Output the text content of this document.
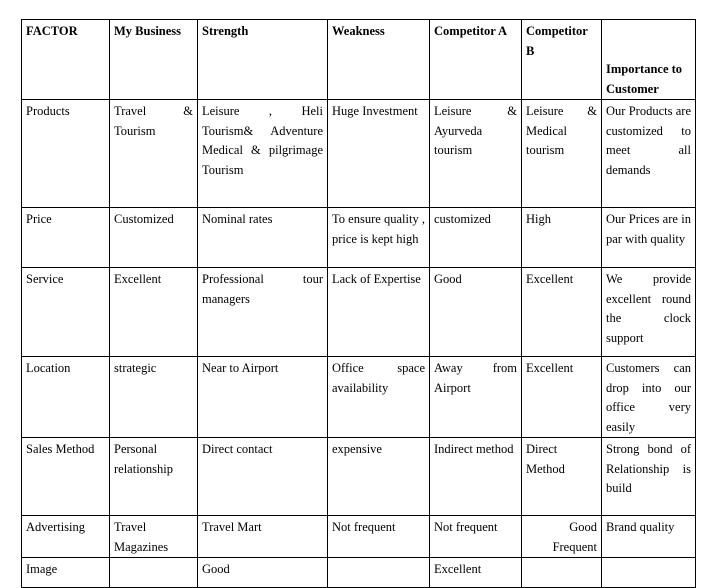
FACTOR	My Business	Strength	Weakness	Competitor A	Competitor B	Importance to Customer
Products	Travel & Tourism	Leisure , Heli Tourism& Adventure Medical & pilgrimage Tourism	Huge Investment	Leisure & Ayurveda tourism	Leisure & Medical tourism	Our Products are customized to meet all demands
Price	Customized	Nominal rates	To ensure quality , price is kept high	customized	High	Our Prices are in par with quality
Service	Excellent	Professional tour managers	Lack of Expertise	Good	Excellent	We provide excellent round the clock support
Location	strategic	Near to Airport	Office space availability	Away from Airport	Excellent	Customers can drop into our office very easily
Sales Method	Personal relationship	Direct contact	expensive	Indirect method	Direct Method	Strong bond of Relationship is build
Advertising	Travel Magazines	Travel Mart	Not frequent	Not frequent	Good Frequent	Brand quality
Image		Good		Excellent		
